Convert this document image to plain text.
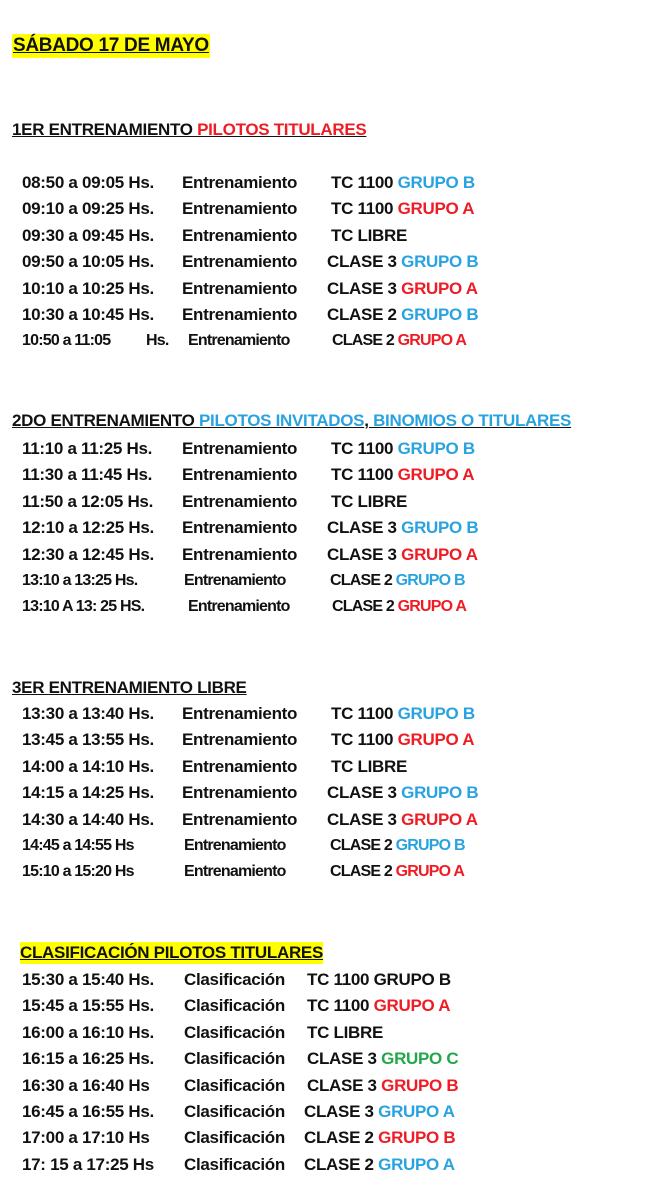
SÁBADO 17 DE MAYO
1ER ENTRENAMIENTO PILOTOS TITULARES
08:50 a 09:05 Hs. Entrenamiento TC 1100 GRUPO B
09:10 a 09:25 Hs. Entrenamiento TC 1100 GRUPO A
09:30 a 09:45 Hs. Entrenamiento TC LIBRE
09:50 a 10:05 Hs. Entrenamiento CLASE 3 GRUPO B
10:10 a 10:25 Hs. Entrenamiento CLASE 3 GRUPO A
10:30 a 10:45 Hs. Entrenamiento CLASE 2 GRUPO B
10:50 a 11:05 Hs. Entrenamiento	CLASE 2 GRUPO A
2DO ENTRENAMIENTO PILOTOS INVITADOS, BINOMIOS O TITULARES
11:10 a 11:25 Hs. Entrenamiento TC 1100 GRUPO B
11:30 a 11:45 Hs. Entrenamiento TC 1100 GRUPO A
11:50 a 12:05 Hs. Entrenamiento TC LIBRE
12:10 a 12:25 Hs. Entrenamiento CLASE 3 GRUPO B
12:30 a 12:45 Hs. Entrenamiento CLASE 3 GRUPO A
13:10 a 13:25 Hs.	Entrenamiento	CLASE 2 GRUPO B
13:10 A 13: 25 HS.	Entrenamiento	CLASE 2 GRUPO A
3ER ENTRENAMIENTO LIBRE
13:30 a 13:40 Hs. Entrenamiento TC 1100 GRUPO B
13:45 a 13:55 Hs. Entrenamiento TC 1100 GRUPO A
14:00 a 14:10 Hs. Entrenamiento TC LIBRE
14:15 a 14:25 Hs. Entrenamiento CLASE 3 GRUPO B
14:30 a 14:40 Hs. Entrenamiento CLASE 3 GRUPO A
14:45 a 14:55 Hs	Entrenamiento	CLASE 2 GRUPO B
15:10 a 15:20 Hs	Entrenamiento	CLASE 2 GRUPO A
CLASIFICACIÓN PILOTOS TITULARES
15:30 a 15:40 Hs. Clasificación TC 1100 GRUPO B
15:45 a 15:55 Hs. Clasificación TC 1100 GRUPO A
16:00 a 16:10 Hs. Clasificación TC LIBRE
16:15 a 16:25 Hs. Clasificación CLASE 3 GRUPO C
16:30 a 16:40 Hs Clasificación CLASE 3 GRUPO B
16:45 a 16:55 Hs. Clasificación CLASE 3 GRUPO A
17:00 a 17:10 Hs Clasificación CLASE 2 GRUPO B
17: 15 a 17:25 Hs Clasificación CLASE 2 GRUPO A
